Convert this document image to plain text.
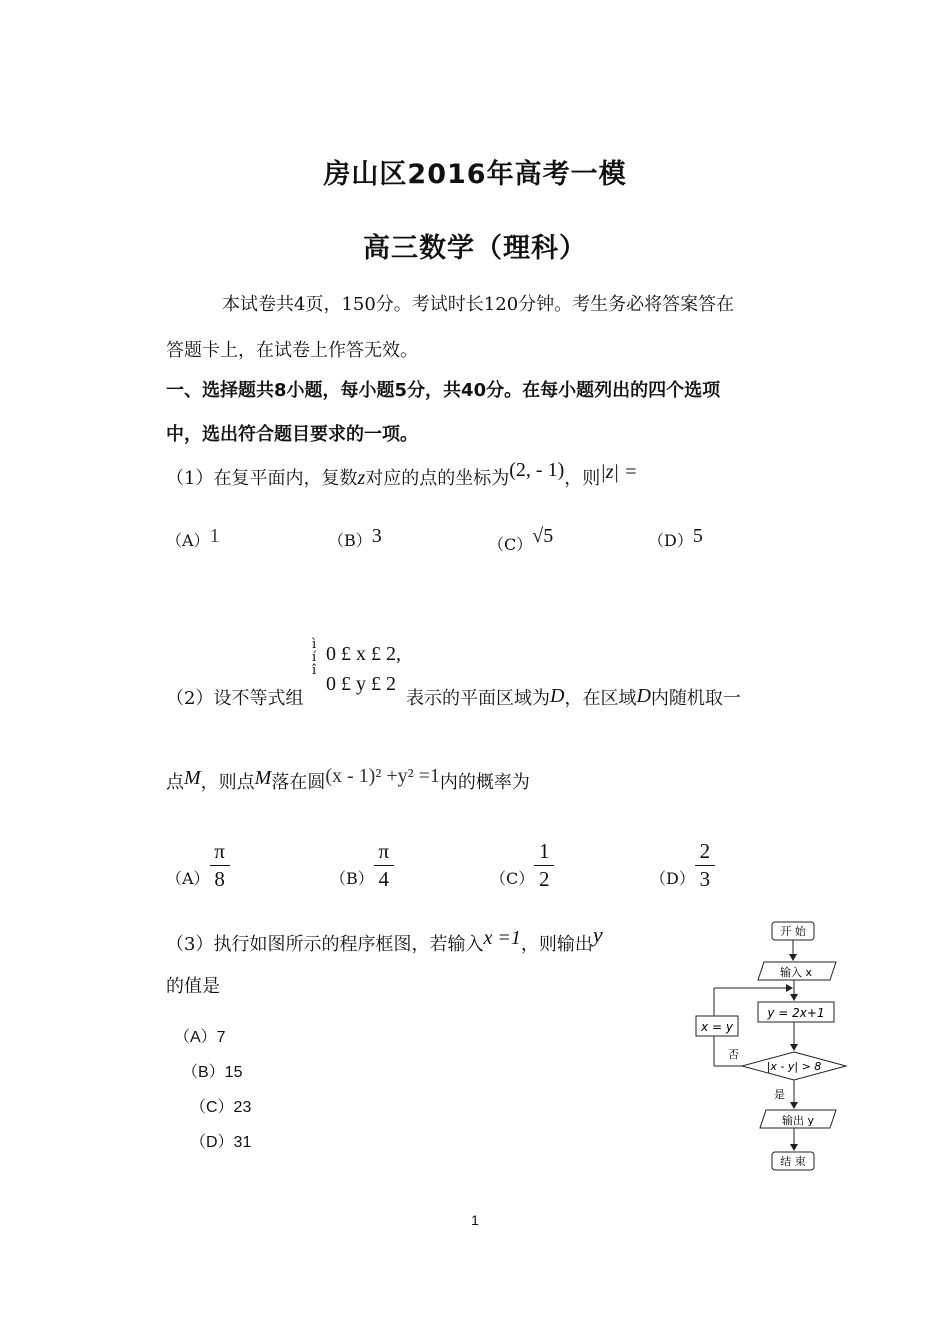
房山区2016年高考一模
高三数学（理科）
本试卷共4页，150分。考试时长120分钟。考生务必将答案答在
答题卡上，在试卷上作答无效。
一、选择题共8小题，每小题5分，共40分。在每小题列出的四个选项
中，选出符合题目要求的一项。
（1）在复平面内，复数z对应的点的坐标为(2, - 1)，则|z| =
（A）1	（B）3	（C）√5	（D）5
ì
í
î
0 £ x £ 2,
0 £ y £ 2
（2）设不等式组	表示的平面区域为D，在区域D内随机取一
点M，则点M落在圆(x - 1)² +y² =1内的概率为
$(A) \frac{\pi}{8}$	$(B) \frac{\pi}{4}$	$(C) \frac{1}{2}$	$(D) \frac{2}{3}$
（3）执行如图所示的程序框图，若输入x =1，则输出y
的值是
（A）7
（B）15
（C）23
（D）31
开 始
输入 x
y = 2x+1
x = y
否
|x - y| > 8
是
输出 y
结 束
1
